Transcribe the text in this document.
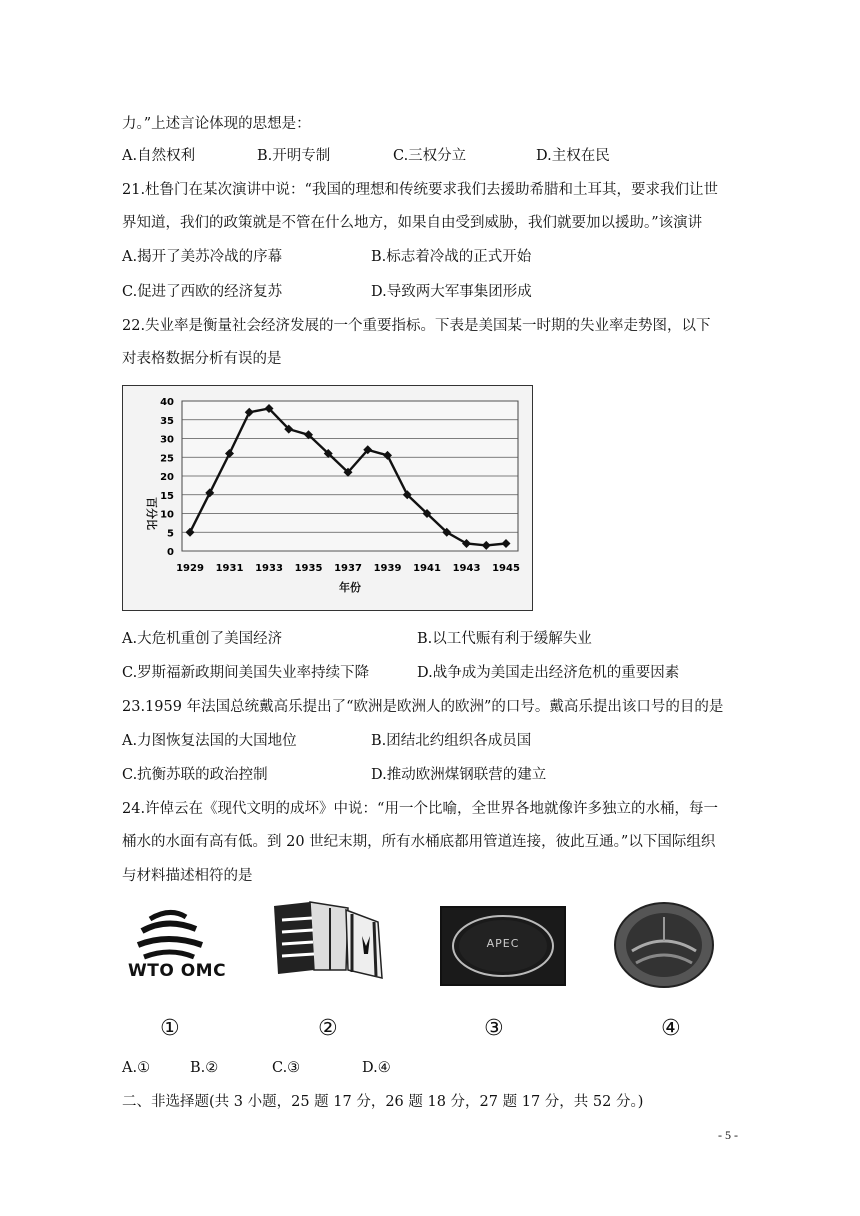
力。”上述言论体现的思想是：
A.自然权利	B.开明专制	C.三权分立	D.主权在民
21.杜鲁门在某次演讲中说：“我国的理想和传统要求我们去援助希腊和土耳其，要求我们让世
界知道，我们的政策就是不管在什么地方，如果自由受到威胁，我们就要加以援助。”该演讲
A.揭开了美苏冷战的序幕	B.标志着冷战的正式开始
C.促进了西欧的经济复苏	D.导致两大军事集团形成
22.失业率是衡量社会经济发展的一个重要指标。下表是美国某一时期的失业率走势图，以下
对表格数据分析有误的是
0
5
10
15
20
25
30
35
40
1929 1931 1933 1935 1937 1939 1941 1943 1945
百分比
年份
A.大危机重创了美国经济	B.以工代赈有利于缓解失业
C.罗斯福新政期间美国失业率持续下降	D.战争成为美国走出经济危机的重要因素
23.1959 年法国总统戴高乐提出了“欧洲是欧洲人的欧洲”的口号。戴高乐提出该口号的目的是
A.力图恢复法国的大国地位	B.团结北约组织各成员国
C.抗衡苏联的政治控制	D.推动欧洲煤钢联营的建立
24.许倬云在《现代文明的成坏》中说：“用一个比喻，全世界各地就像许多独立的水桶，每一
桶水的水面有高有低。到 20 世纪末期，所有水桶底都用管道连接，彼此互通。”以下国际组织
与材料描述相符的是
WTO OMC
APEC
①	②	③	④
A.①	B.②	C.③	D.④
二、非选择题(共 3 小题，25 题 17 分，26 题 18 分，27 题 17 分，共 52 分。)
- 5 -
